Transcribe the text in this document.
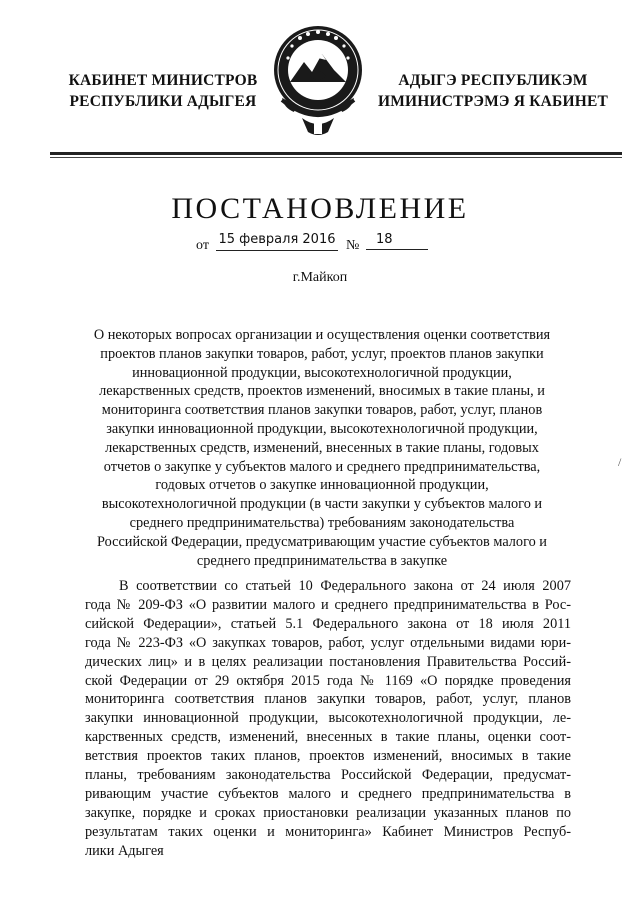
КАБИНЕТ МИНИСТРОВ
РЕСПУБЛИКИ АДЫГЕЯ
АДЫГЭ РЕСПУБЛИКЭМ
ИМИНИСТРЭМЭ Я КАБИНЕТ
ПОСТАНОВЛЕНИЕ
от 15 февраля 2016 №	18
г.Майкоп
О некоторых вопросах организации и осуществления оценки соответствия
проектов планов закупки товаров, работ, услуг, проектов планов закупки
инновационной продукции, высокотехнологичной продукции,
лекарственных средств, проектов изменений, вносимых в такие планы, и
мониторинга соответствия планов закупки товаров, работ, услуг, планов
закупки инновационной продукции, высокотехнологичной продукции,
лекарственных средств, изменений, внесенных в такие планы, годовых
отчетов о закупке у субъектов малого и среднего предпринимательства,
годовых отчетов о закупке инновационной продукции,
высокотехнологичной продукции (в части закупки у субъектов малого и
среднего предпринимательства) требованиям законодательства
Российской Федерации, предусматривающим участие субъектов малого и
среднего предпринимательства в закупке
/
В соответствии со статьей 10 Федерального закона от 24 июля 2007
года № 209-ФЗ «О развитии малого и среднего предпринимательства в Рос-
сийской Федерации», статьей 5.1 Федерального закона от 18 июля 2011
года № 223-ФЗ «О закупках товаров, работ, услуг отдельными видами юри-
дических лиц» и в целях реализации постановления Правительства Россий-
ской Федерации от 29 октября 2015 года № 1169 «О порядке проведения
мониторинга соответствия планов закупки товаров, работ, услуг, планов
закупки инновационной продукции, высокотехнологичной продукции, ле-
карственных средств, изменений, внесенных в такие планы, оценки соот-
ветствия проектов таких планов, проектов изменений, вносимых в такие
планы, требованиям законодательства Российской Федерации, предусмат-
ривающим участие субъектов малого и среднего предпринимательства в
закупке, порядке и сроках приостановки реализации указанных планов по
результатам таких оценки и мониторинга» Кабинет Министров Респуб-
лики Адыгея
